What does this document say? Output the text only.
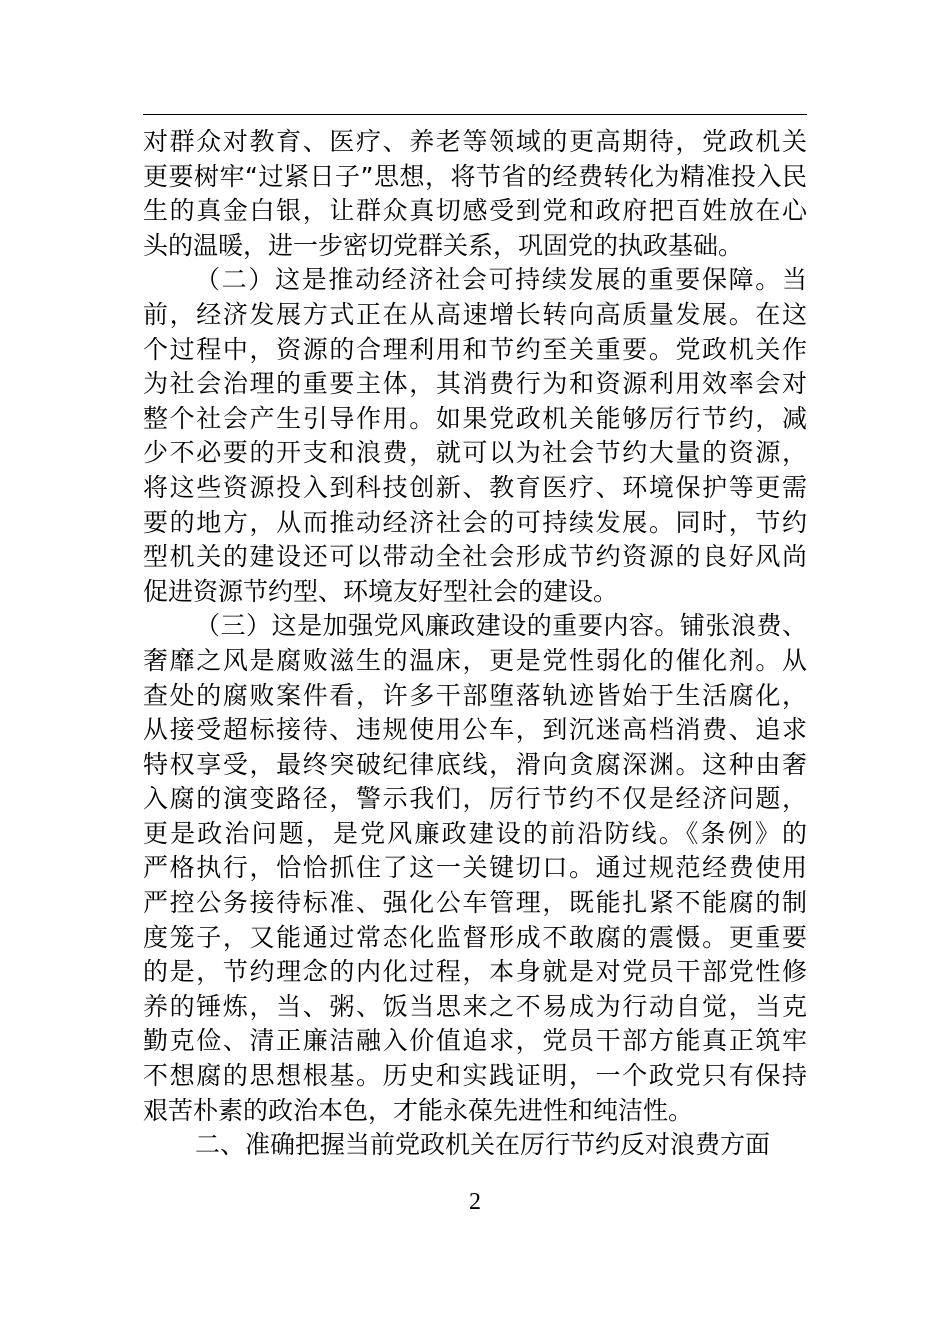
对群众对教育、医疗、养老等领域的更高期待，党政机关
更要树牢“过紧日子”思想，将节省的经费转化为精准投入民
生的真金白银，让群众真切感受到党和政府把百姓放在心
头的温暖，进一步密切党群关系，巩固党的执政基础。
（二）这是推动经济社会可持续发展的重要保障。当
前，经济发展方式正在从高速增长转向高质量发展。在这
个过程中，资源的合理利用和节约至关重要。党政机关作
为社会治理的重要主体，其消费行为和资源利用效率会对
整个社会产生引导作用。如果党政机关能够厉行节约，减
少不必要的开支和浪费，就可以为社会节约大量的资源，
将这些资源投入到科技创新、教育医疗、环境保护等更需
要的地方，从而推动经济社会的可持续发展。同时，节约
型机关的建设还可以带动全社会形成节约资源的良好风尚
促进资源节约型、环境友好型社会的建设。
（三）这是加强党风廉政建设的重要内容。铺张浪费、
奢靡之风是腐败滋生的温床，更是党性弱化的催化剂。从
查处的腐败案件看，许多干部堕落轨迹皆始于生活腐化，
从接受超标接待、违规使用公车，到沉迷高档消费、追求
特权享受，最终突破纪律底线，滑向贪腐深渊。这种由奢
入腐的演变路径，警示我们，厉行节约不仅是经济问题，
更是政治问题，是党风廉政建设的前沿防线。《条例》的
严格执行，恰恰抓住了这一关键切口。通过规范经费使用
严控公务接待标准、强化公车管理，既能扎紧不能腐的制
度笼子，又能通过常态化监督形成不敢腐的震慑。更重要
的是，节约理念的内化过程，本身就是对党员干部党性修
养的锤炼，当、粥、饭当思来之不易成为行动自觉，当克
勤克俭、清正廉洁融入价值追求，党员干部方能真正筑牢
不想腐的思想根基。历史和实践证明，一个政党只有保持
艰苦朴素的政治本色，才能永葆先进性和纯洁性。
二、准确把握当前党政机关在厉行节约反对浪费方面
2
